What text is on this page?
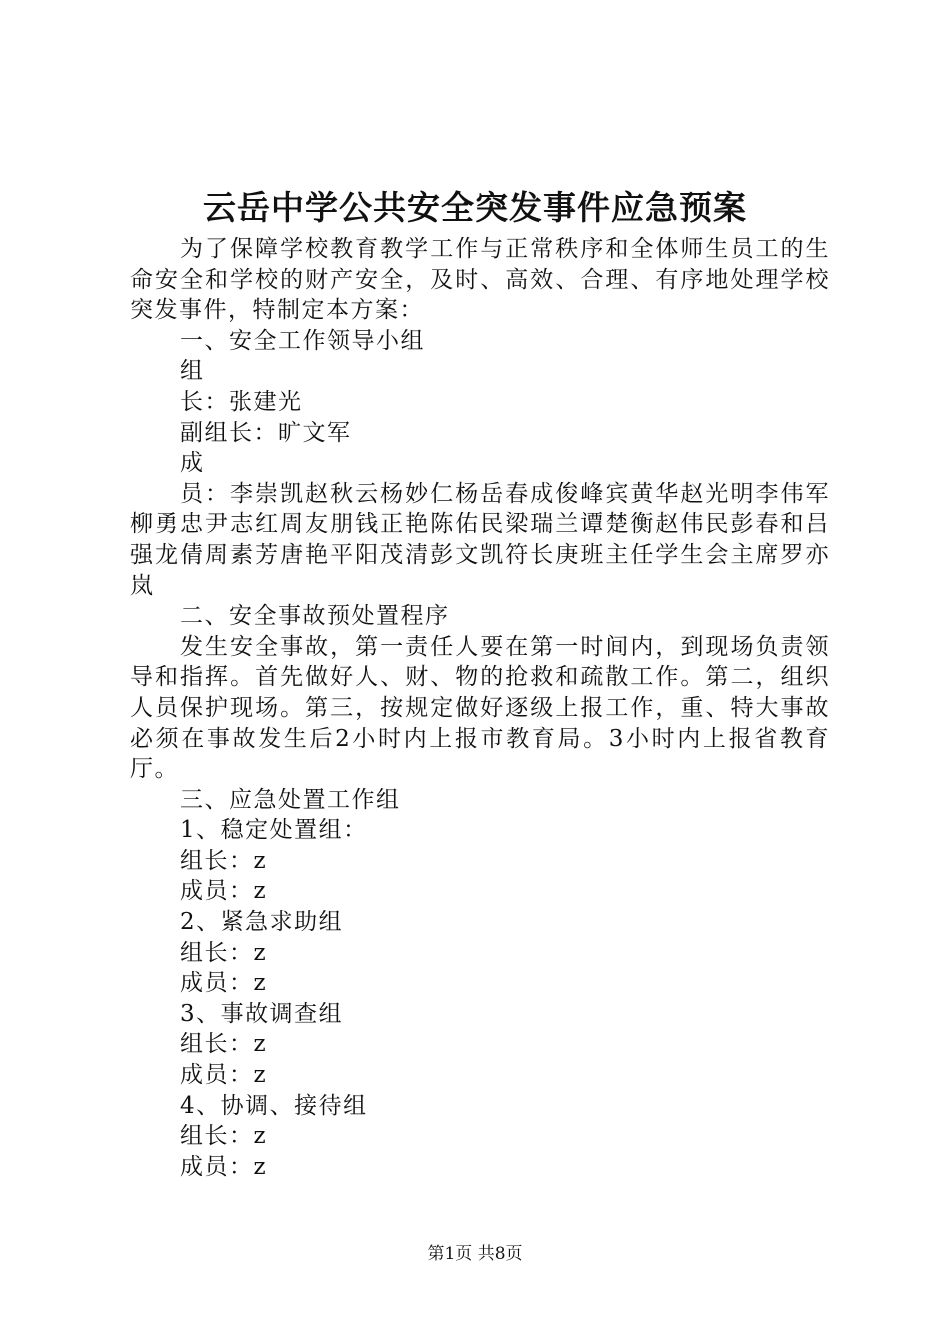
云岳中学公共安全突发事件应急预案

为了保障学校教育教学工作与正常秩序和全体师生员工的生命安全和学校的财产安全，及时、高效、合理、有序地处理学校突发事件，特制定本方案：

一、安全工作领导小组

组

长：张建光

副组长：旷文军

成

员：李崇凯赵秋云杨妙仁杨岳春成俊峰宾黄华赵光明李伟军柳勇忠尹志红周友朋钱正艳陈佑民梁瑞兰谭楚衡赵伟民彭春和吕强龙倩周素芳唐艳平阳茂清彭文凯符长庚班主任学生会主席罗亦岚

二、安全事故预处置程序

发生安全事故，第一责任人要在第一时间内，到现场负责领导和指挥。首先做好人、财、物的抢救和疏散工作。第二，组织人员保护现场。第三，按规定做好逐级上报工作，重、特大事故必须在事故发生后2小时内上报市教育局。3小时内上报省教育厅。

三、应急处置工作组

1、稳定处置组：

组长：z

成员：z

2、紧急求助组

组长：z

成员：z

3、事故调查组

组长：z

成员：z

4、协调、接待组

组长：z

成员：z

第1页 共8页
